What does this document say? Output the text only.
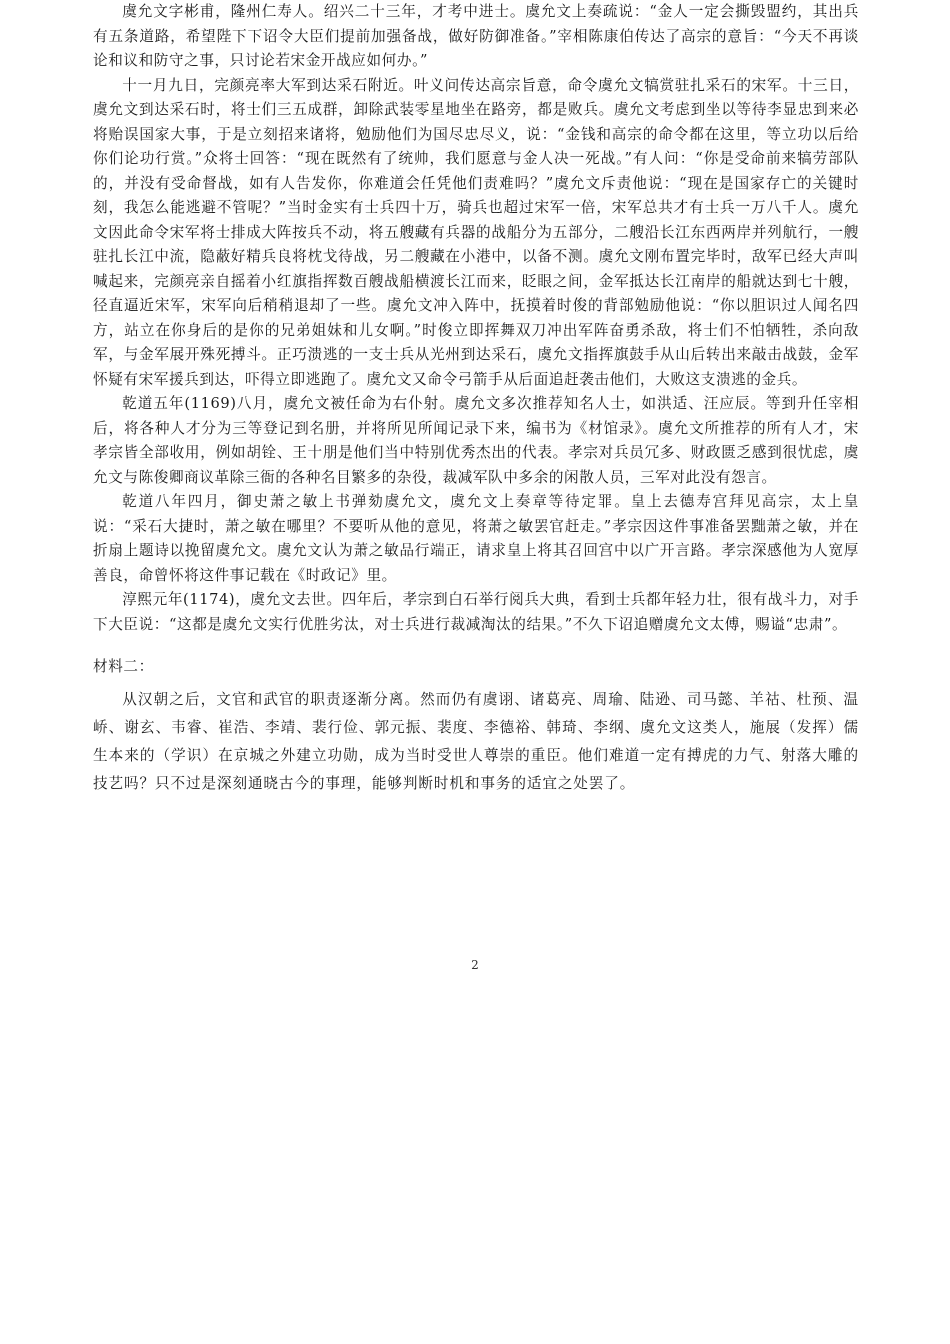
虞允文字彬甫，隆州仁寿人。绍兴二十三年，才考中进士。虞允文上奏疏说：“金人一定会撕毁盟约，其出兵有五条道路，希望陛下下诏令大臣们提前加强备战，做好防御准备。”宰相陈康伯传达了高宗的意旨：“今天不再谈论和议和防守之事，只讨论若宋金开战应如何办。”

十一月九日，完颜亮率大军到达采石附近。叶义问传达高宗旨意，命令虞允文犒赏驻扎采石的宋军。十三日，虞允文到达采石时，将士们三五成群，卸除武装零星地坐在路旁，都是败兵。虞允文考虑到坐以等待李显忠到来必将贻误国家大事，于是立刻招来诸将，勉励他们为国尽忠尽义，说：“金钱和高宗的命令都在这里，等立功以后给你们论功行赏。”众将士回答：“现在既然有了统帅，我们愿意与金人决一死战。”有人问：“你是受命前来犒劳部队的，并没有受命督战，如有人告发你，你难道会任凭他们责难吗？”虞允文斥责他说：“现在是国家存亡的关键时刻，我怎么能逃避不管呢？”当时金实有士兵四十万，骑兵也超过宋军一倍，宋军总共才有士兵一万八千人。虞允文因此命令宋军将士排成大阵按兵不动，将五艘藏有兵器的战船分为五部分，二艘沿长江东西两岸并列航行，一艘驻扎长江中流，隐蔽好精兵良将枕戈待战，另二艘藏在小港中，以备不测。虞允文刚布置完毕时，敌军已经大声叫喊起来，完颜亮亲自摇着小红旗指挥数百艘战船横渡长江而来，眨眼之间，金军抵达长江南岸的船就达到七十艘，径直逼近宋军，宋军向后稍稍退却了一些。虞允文冲入阵中，抚摸着时俊的背部勉励他说：“你以胆识过人闻名四方，站立在你身后的是你的兄弟姐妹和儿女啊。”时俊立即挥舞双刀冲出军阵奋勇杀敌，将士们不怕牺牲，杀向敌军，与金军展开殊死搏斗。正巧溃逃的一支士兵从光州到达采石，虞允文指挥旗鼓手从山后转出来敲击战鼓，金军怀疑有宋军援兵到达，吓得立即逃跑了。虞允文又命令弓箭手从后面追赶袭击他们，大败这支溃逃的金兵。

乾道五年(1169)八月，虞允文被任命为右仆射。虞允文多次推荐知名人士，如洪适、汪应辰。等到升任宰相后，将各种人才分为三等登记到名册，并将所见所闻记录下来，编书为《材馆录》。虞允文所推荐的所有人才，宋孝宗皆全部收用，例如胡铨、王十朋是他们当中特别优秀杰出的代表。孝宗对兵员冗多、财政匮乏感到很忧虑，虞允文与陈俊卿商议革除三衙的各种名目繁多的杂役，裁减军队中多余的闲散人员，三军对此没有怨言。

乾道八年四月，御史萧之敏上书弹劾虞允文，虞允文上奏章等待定罪。皇上去德寿宫拜见高宗，太上皇说：“采石大捷时，萧之敏在哪里？不要听从他的意见，将萧之敏罢官赶走。”孝宗因这件事准备罢黜萧之敏，并在折扇上题诗以挽留虞允文。虞允文认为萧之敏品行端正，请求皇上将其召回宫中以广开言路。孝宗深感他为人宽厚善良，命曾怀将这件事记载在《时政记》里。

淳熙元年(1174)，虞允文去世。四年后，孝宗到白石举行阅兵大典，看到士兵都年轻力壮，很有战斗力，对手下大臣说：“这都是虞允文实行优胜劣汰，对士兵进行裁减淘汰的结果。”不久下诏追赠虞允文太傅，赐谥“忠肃”。

材料二：

从汉朝之后，文官和武官的职责逐渐分离。然而仍有虞诩、诸葛亮、周瑜、陆逊、司马懿、羊祜、杜预、温峤、谢玄、韦睿、崔浩、李靖、裴行俭、郭元振、裴度、李德裕、韩琦、李纲、虞允文这类人，施展（发挥）儒生本来的（学识）在京城之外建立功勋，成为当时受世人尊崇的重臣。他们难道一定有搏虎的力气、射落大雕的技艺吗？只不过是深刻通晓古今的事理，能够判断时机和事务的适宜之处罢了。

2
